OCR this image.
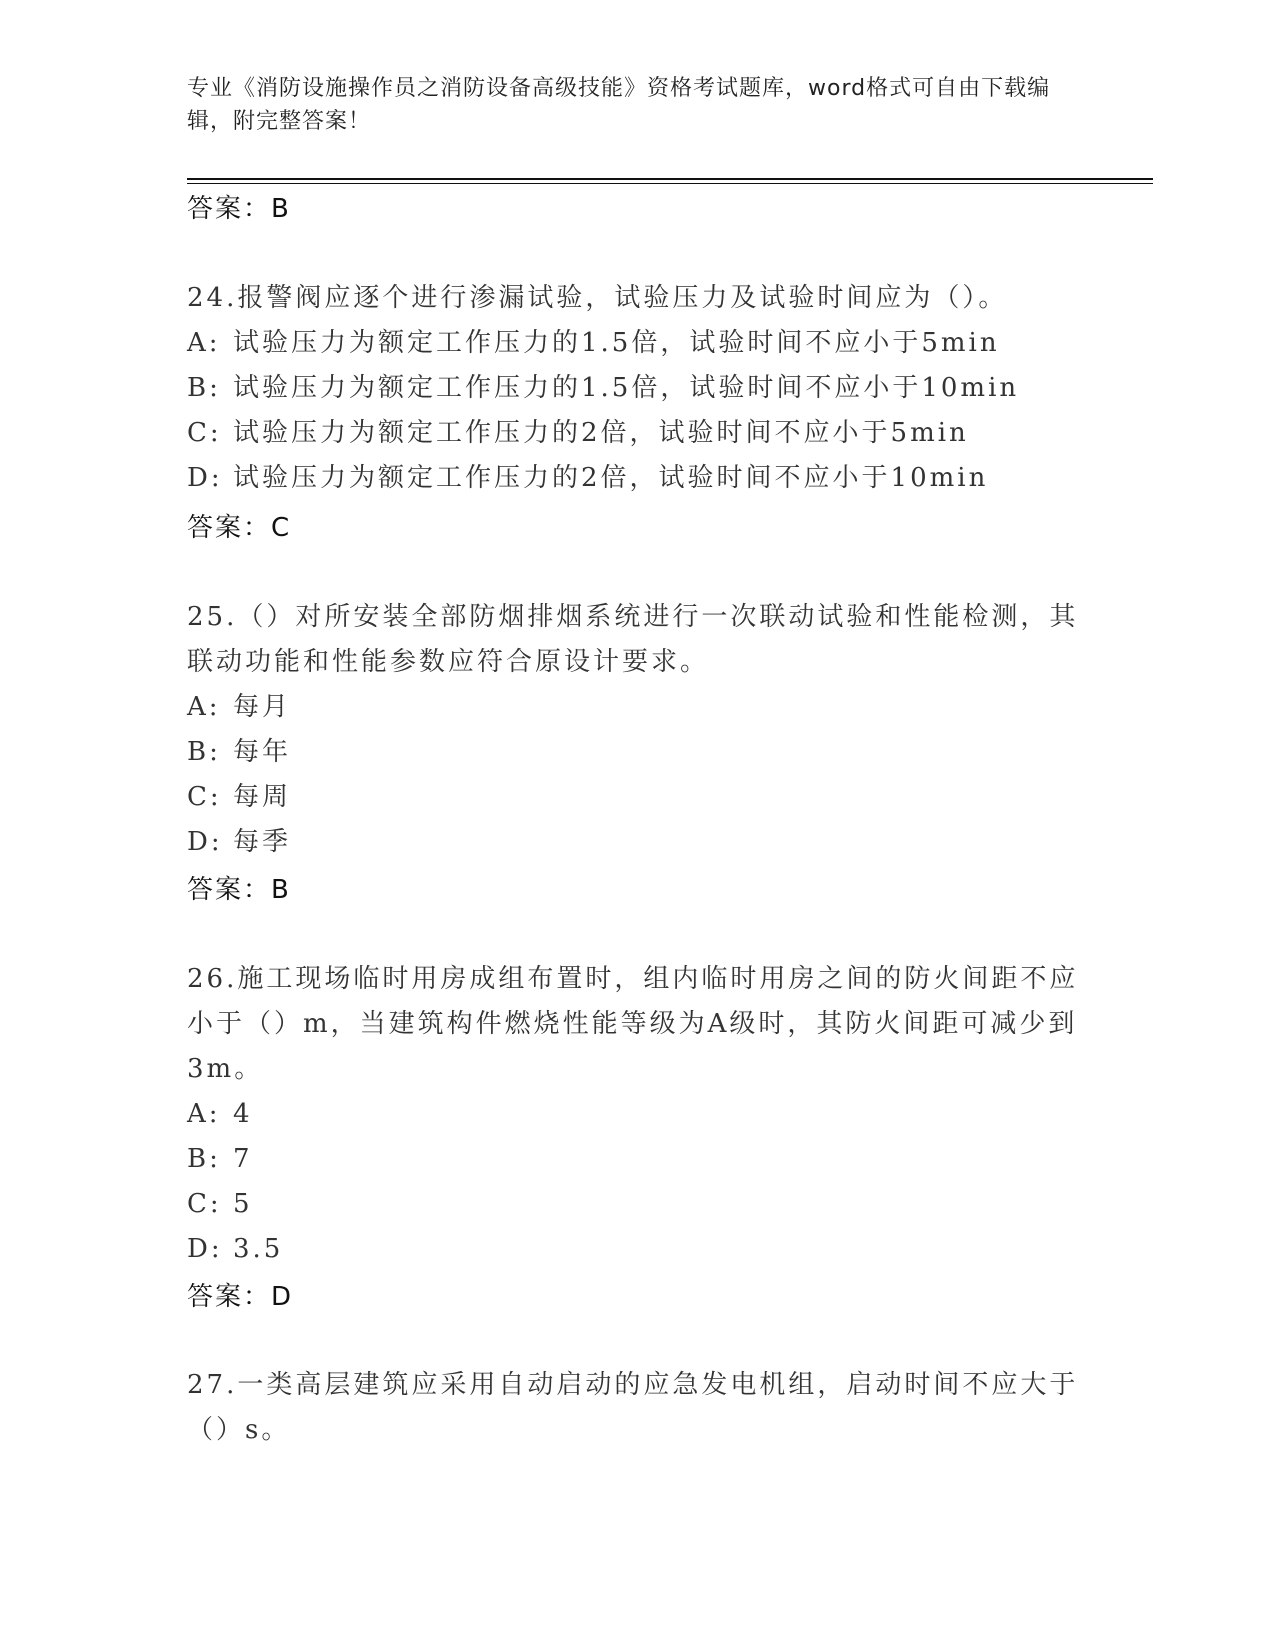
专业《消防设施操作员之消防设备高级技能》资格考试题库，word格式可自由下载编辑，附完整答案！
答案：B

24.报警阀应逐个进行渗漏试验，试验压力及试验时间应为（）。

A: 试验压力为额定工作压力的1.5倍，试验时间不应小于5min

B: 试验压力为额定工作压力的1.5倍，试验时间不应小于10min

C: 试验压力为额定工作压力的2倍，试验时间不应小于5min

D: 试验压力为额定工作压力的2倍，试验时间不应小于10min

答案：C

25.（）对所安装全部防烟排烟系统进行一次联动试验和性能检测，其联动功能和性能参数应符合原设计要求。

A: 每月

B: 每年

C: 每周

D: 每季

答案：B

26.施工现场临时用房成组布置时，组内临时用房之间的防火间距不应小于（）m，当建筑构件燃烧性能等级为A级时，其防火间距可减少到3m。

A: 4

B: 7

C: 5

D: 3.5

答案：D

27.一类高层建筑应采用自动启动的应急发电机组，启动时间不应大于（）s。
